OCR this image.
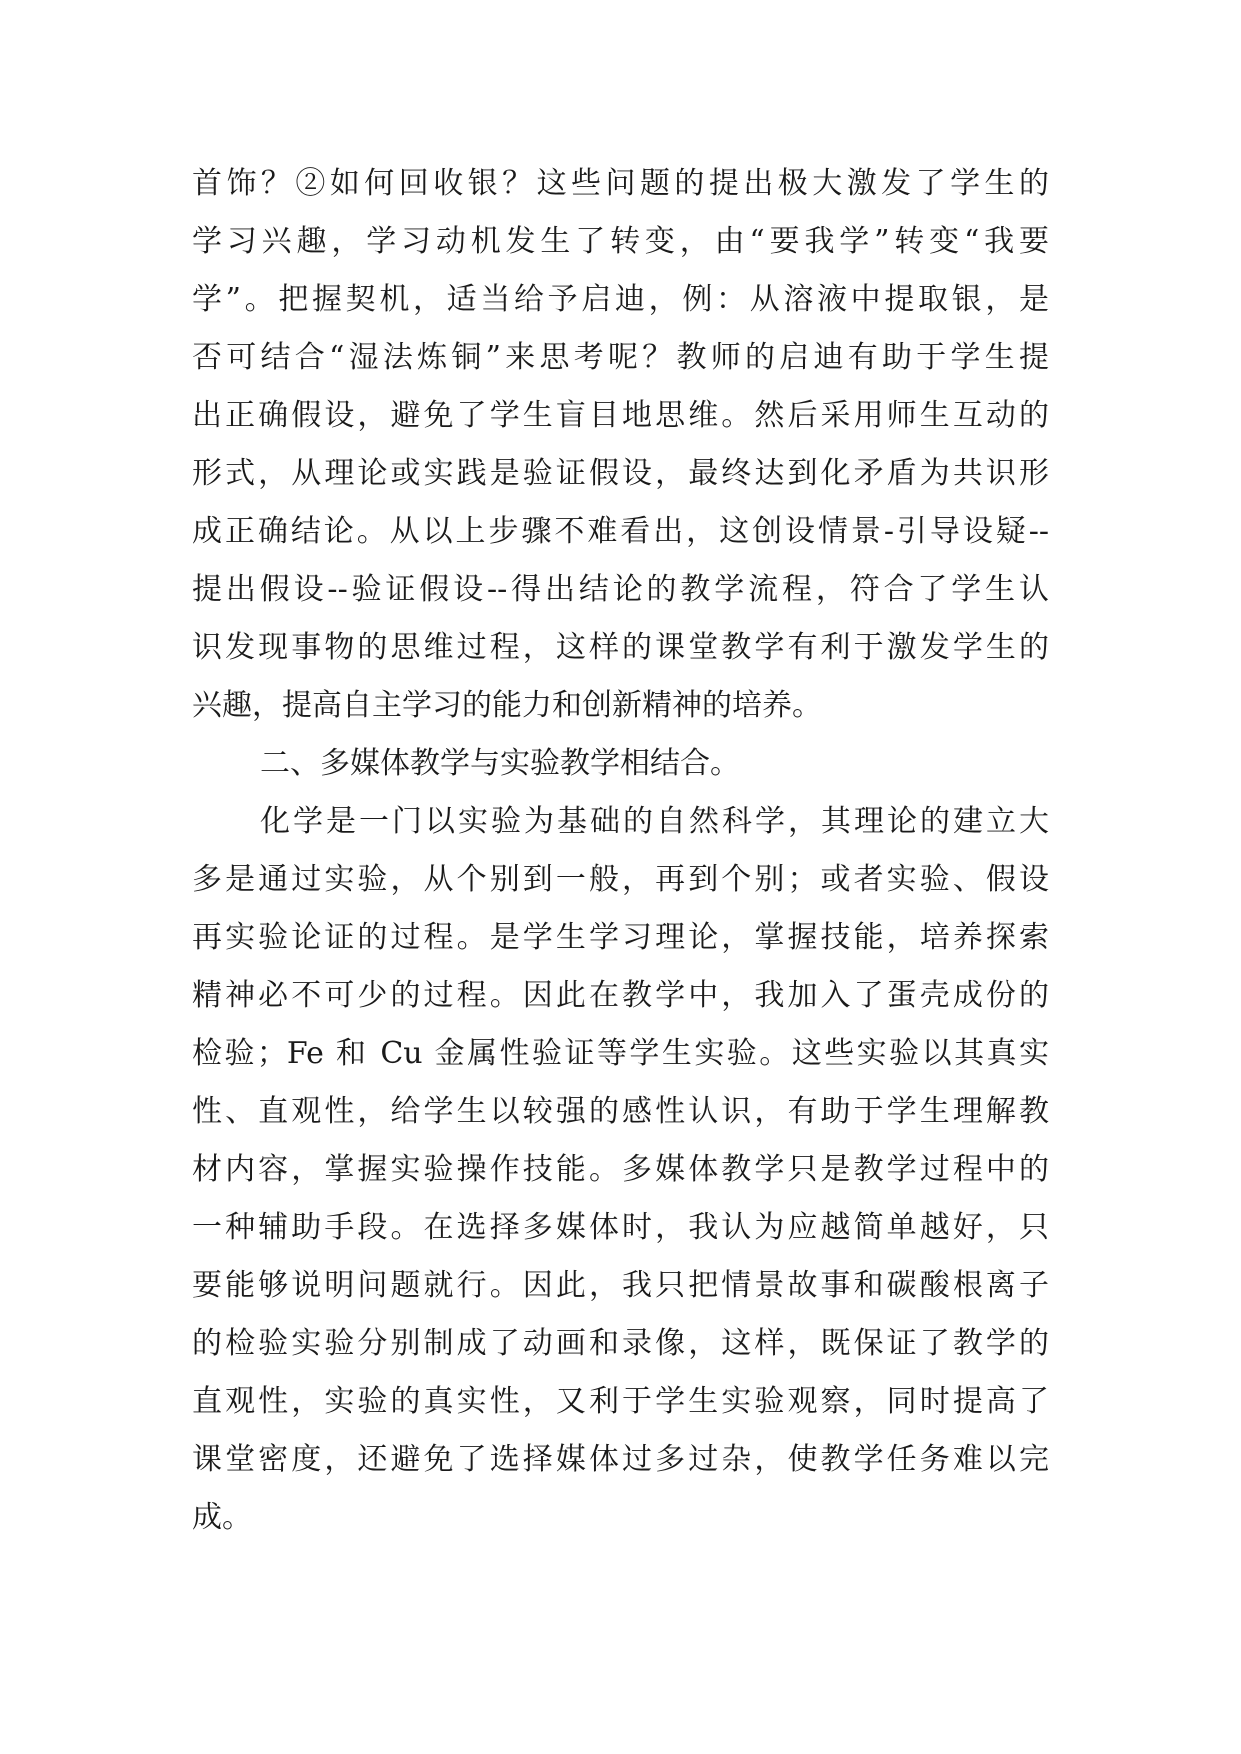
首饰？②如何回收银？这些问题的提出极大激发了学生的
学习兴趣，学习动机发生了转变，由“要我学”转变“我要
学”。把握契机，适当给予启迪，例：从溶液中提取银，是
否可结合“湿法炼铜”来思考呢？教师的启迪有助于学生提
出正确假设，避免了学生盲目地思维。然后采用师生互动的
形式，从理论或实践是验证假设，最终达到化矛盾为共识形
成正确结论。从以上步骤不难看出，这创设情景-引导设疑--
提出假设--验证假设--得出结论的教学流程，符合了学生认
识发现事物的思维过程，这样的课堂教学有利于激发学生的
兴趣，提高自主学习的能力和创新精神的培养。
二、多媒体教学与实验教学相结合。
化学是一门以实验为基础的自然科学，其理论的建立大
多是通过实验，从个别到一般，再到个别；或者实验、假设
再实验论证的过程。是学生学习理论，掌握技能，培养探索
精神必不可少的过程。因此在教学中，我加入了蛋壳成份的
检验；Fe 和 Cu 金属性验证等学生实验。这些实验以其真实
性、直观性，给学生以较强的感性认识，有助于学生理解教
材内容，掌握实验操作技能。多媒体教学只是教学过程中的
一种辅助手段。在选择多媒体时，我认为应越简单越好，只
要能够说明问题就行。因此，我只把情景故事和碳酸根离子
的检验实验分别制成了动画和录像，这样，既保证了教学的
直观性，实验的真实性，又利于学生实验观察，同时提高了
课堂密度，还避免了选择媒体过多过杂，使教学任务难以完
成。
